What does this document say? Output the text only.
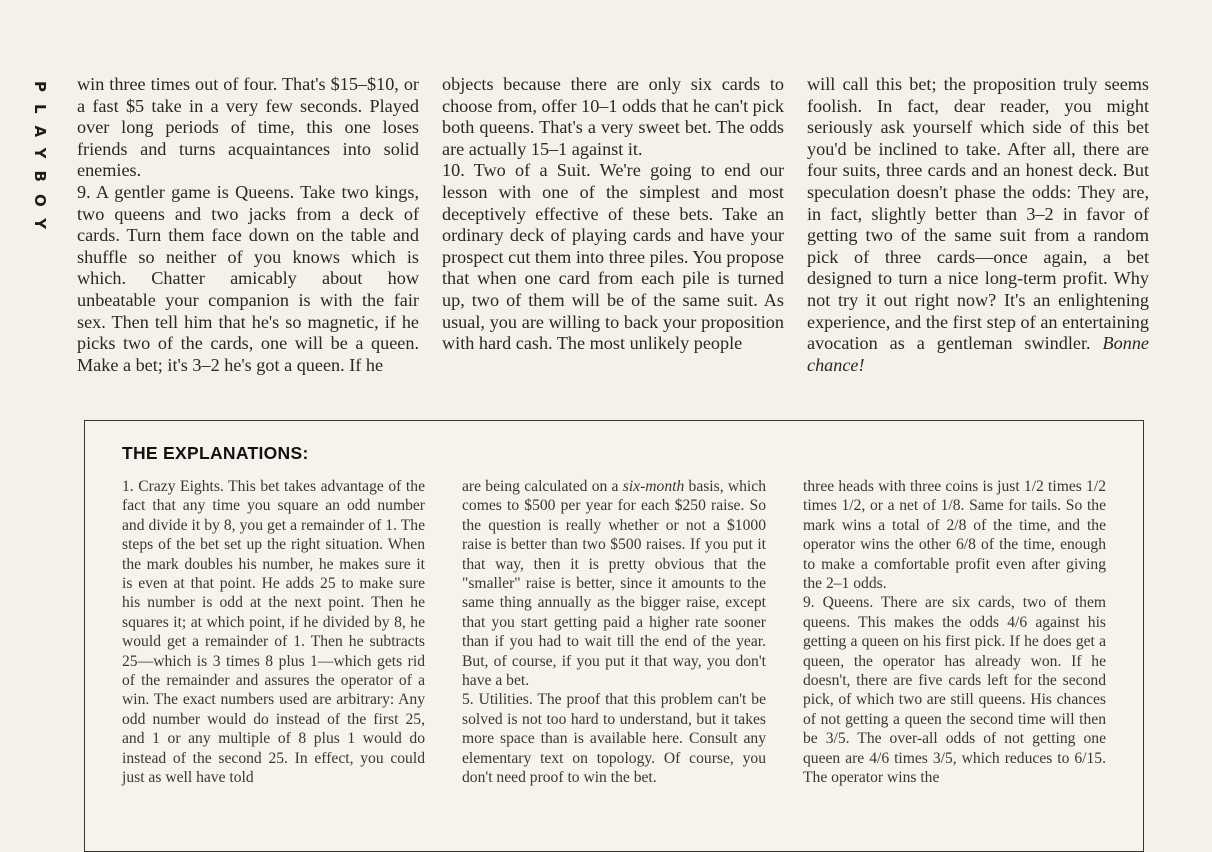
PLAYBOY win three times out of four. That's $15–$10, or a fast $5 take in a very few seconds. Played over long periods of time, this one loses friends and turns acquaintances into solid enemies.
9. A gentler game is Queens. Take two kings, two queens and two jacks from a deck of cards. Turn them face down on the table and shuffle so neither of you knows which is which. Chatter amicably about how unbeatable your companion is with the fair sex. Then tell him that he's so magnetic, if he picks two of the cards, one will be a queen. Make a bet; it's 3–2 he's got a queen. If he
objects because there are only six cards to choose from, offer 10–1 odds that he can't pick both queens. That's a very sweet bet. The odds are actually 15–1 against it.
10. Two of a Suit. We're going to end our lesson with one of the simplest and most deceptively effective of these bets. Take an ordinary deck of playing cards and have your prospect cut them into three piles. You propose that when one card from each pile is turned up, two of them will be of the same suit. As usual, you are willing to back your proposition with hard cash. The most unlikely people
will call this bet; the proposition truly seems foolish. In fact, dear reader, you might seriously ask yourself which side of this bet you'd be inclined to take. After all, there are four suits, three cards and an honest deck. But speculation doesn't phase the odds: They are, in fact, slightly better than 3–2 in favor of getting two of the same suit from a random pick of three cards—once again, a bet designed to turn a nice long-term profit. Why not try it out right now? It's an enlightening experience, and the first step of an entertaining avocation as a gentleman swindler. Bonne chance!
THE EXPLANATIONS:
1. Crazy Eights. This bet takes advantage of the fact that any time you square an odd number and divide it by 8, you get a remainder of 1. The steps of the bet set up the right situation. When the mark doubles his number, he makes sure it is even at that point. He adds 25 to make sure his number is odd at the next point. Then he squares it; at which point, if he divided by 8, he would get a remainder of 1. Then he subtracts 25—which is 3 times 8 plus 1—which gets rid of the remainder and assures the operator of a win. The exact numbers used are arbitrary: Any odd number would do instead of the first 25, and 1 or any multiple of 8 plus 1 would do instead of the second 25. In effect, you could just as well have told
are being calculated on a six-month basis, which comes to $500 per year for each $250 raise. So the question is really whether or not a $1000 raise is better than two $500 raises. If you put it that way, then it is pretty obvious that the "smaller" raise is better, since it amounts to the same thing annually as the bigger raise, except that you start getting paid a higher rate sooner than if you had to wait till the end of the year. But, of course, if you put it that way, you don't have a bet.
5. Utilities. The proof that this problem can't be solved is not too hard to understand, but it takes more space than is available here. Consult any elementary text on topology. Of course, you don't need proof to win the bet.
three heads with three coins is just 1/2 times 1/2 times 1/2, or a net of 1/8. Same for tails. So the mark wins a total of 2/8 of the time, and the operator wins the other 6/8 of the time, enough to make a comfortable profit even after giving the 2–1 odds.
9. Queens. There are six cards, two of them queens. This makes the odds 4/6 against his getting a queen on his first pick. If he does get a queen, the operator has already won. If he doesn't, there are five cards left for the second pick, of which two are still queens. His chances of not getting a queen the second time will then be 3/5. The over-all odds of not getting one queen are 4/6 times 3/5, which reduces to 6/15. The operator wins the
